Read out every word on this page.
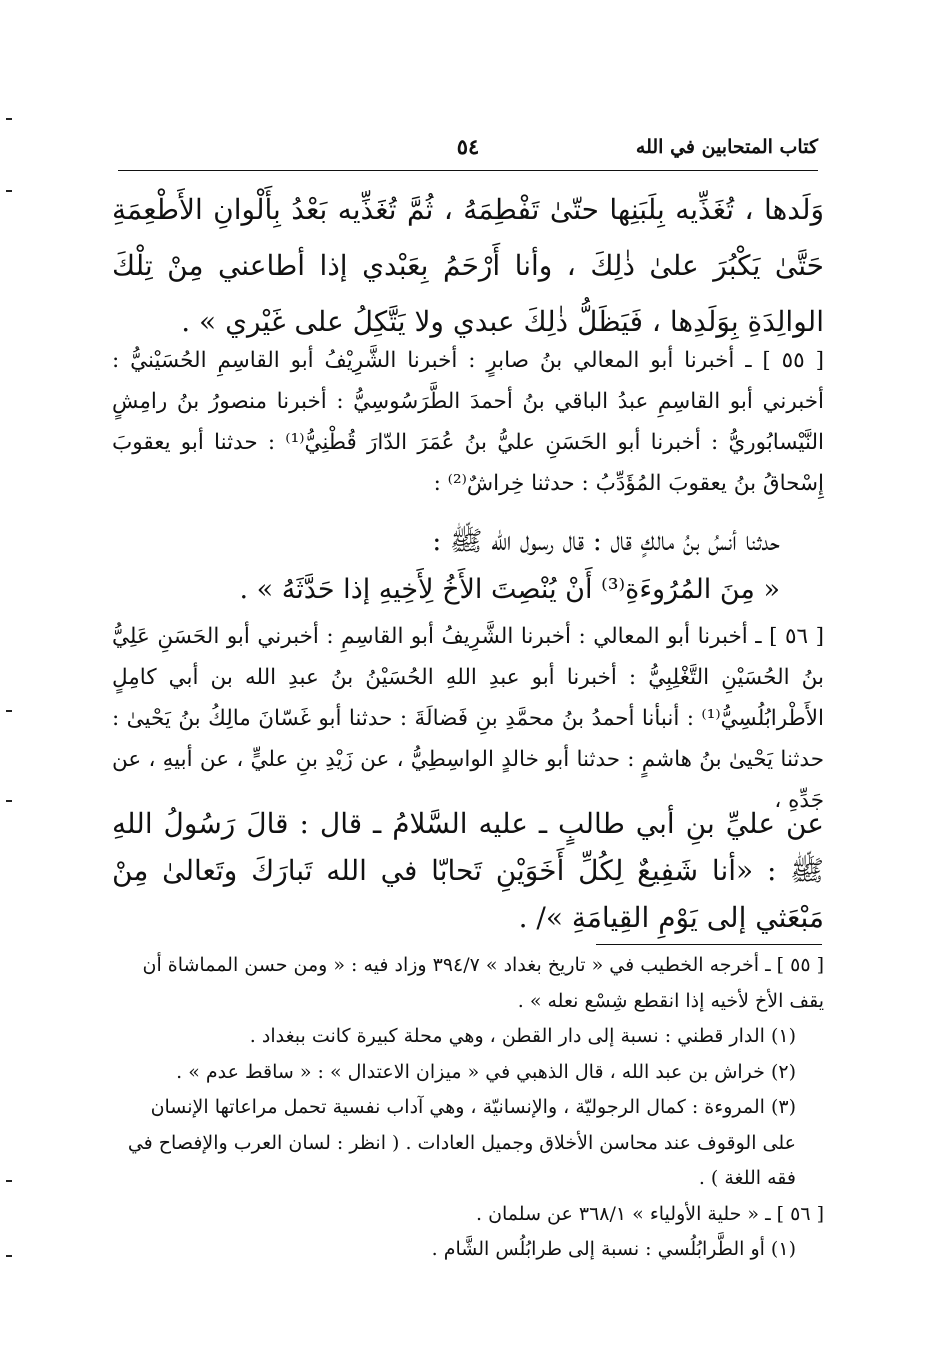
كتاب المتحابين في الله
٥٤

وَلَدها ، تُغَذِّيه بِلَبَنِها حتّىٰ تَفْطِمَهُ ، ثُمَّ تُغَذِّيه بَعْدُ بِأَلْوانِ الأَطْعِمَةِ حَتَّىٰ يَكْبُرَ علىٰ ذٰلِكَ ، وأنا أَرْحَمُ بِعَبْدي إذا أطاعني مِنْ تِلْكَ الوالِدَةِ بِوَلَدِها ، فَيَظَلُّ ذٰلِكَ عبدي ولا يَتَّكِلُ على غَيْري » .

[ ٥٥ ] ـ أخبرنا أبو المعالي بنُ صابرٍ : أخبرنا الشَّرِيْفُ أبو القاسِمِ الحُسَيْنيُّ : أخبرني أبو القاسِمِ عبدُ الباقي بنُ أحمدَ الطَّرَسُوسِيُّ : أخبرنا منصورُ بنُ رامِشٍ النَّيْسابُوريُّ : أخبرنا أبو الحَسَنِ عليُّ بنُ عُمَرَ الدّارَ قُطْنِيُّ⁽¹⁾ : حدثنا أبو يعقوبَ إِسْحاقُ بنُ يعقوبَ المُؤَدِّبُ : حدثنا خِراشٌ⁽²⁾ :

حدثنا أنسُ بنُ مالكٍ قال : قال رسول الله ﷺ :

« مِنَ المُرُوءَةِ⁽³⁾ أَنْ يُنْصِتَ الأَخُ لِأَخِيهِ إذا حَدَّثَهُ » .

[ ٥٦ ] ـ أخبرنا أبو المعالي : أخبرنا الشَّرِيفُ أبو القاسِمِ : أخبرني أبو الحَسَنِ عَلِيُّ بنُ الحُسَيْنِ التَّغْلِبِيُّ : أخبرنا أبو عبدِ اللهِ الحُسَيْنُ بنُ عبدِ الله بن أبي كامِلٍ الأَطْرابُلُسِيُّ⁽¹⁾ : أنبأنا أحمدُ بنُ محمَّدِ بنِ فَضالَةَ : حدثنا أبو غَسّانَ مالِكُ بنُ يَحْيىٰ : حدثنا يَحْيىٰ بنُ هاشمٍ : حدثنا أبو خالدٍ الواسِطِيُّ ، عن زَيْدِ بنِ عليٍّ ، عن أبيهِ ، عن جَدِّهِ ،

عن عليِّ بنِ أبي طالبٍ ـ عليه السَّلامُ ـ قال : قالَ رَسُولُ اللهِ ﷺ : «أنا شَفِيعٌ لِكُلِّ أَخَوَيْنِ تَحابّا في الله تَبارَكَ وتَعالىٰ مِنْ مَبْعَثي إلى يَوْمِ القِيامَةِ »/ .

[ ٥٥ ] ـ أخرجه الخطيب في « تاريخ بغداد » ٣٩٤/٧ وزاد فيه : « ومن حسن المماشاة أن يقف الأخ لأخيه إذا انقطع شِسْع نعله » .

(١) الدار قطني : نسبة إلى دار القطن ، وهي محلة كبيرة كانت ببغداد .

(٢) خراش بن عبد الله ، قال الذهبي في « ميزان الاعتدال » : « ساقط عدم » .

(٣) المروءة : كمال الرجوليّة ، والإنسانيّة ، وهي آداب نفسية تحمل مراعاتها الإنسان على الوقوف عند محاسن الأخلاق وجميل العادات . ( انظر : لسان العرب والإفصاح في فقه اللغة ) .

[ ٥٦ ] ـ « حلية الأولياء » ٣٦٨/١ عن سلمان .

(١) أو الطَّرابُلُسي : نسبة إلى طرابُلُس الشَّام .
